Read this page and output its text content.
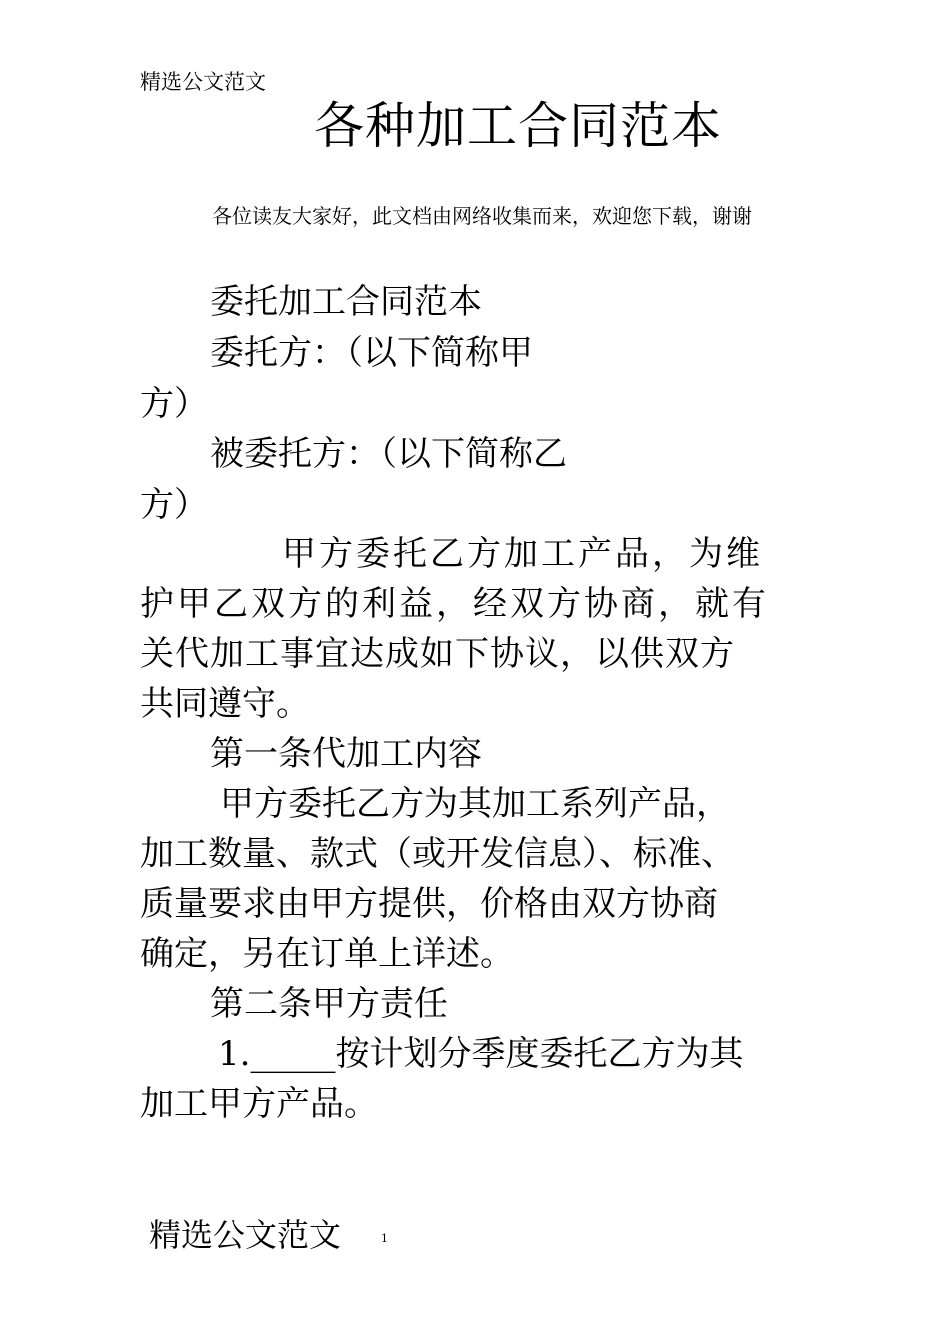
精选公文范文
各种加工合同范本
各位读友大家好，此文档由网络收集而来，欢迎您下载，谢谢
委托加工合同范本
委托方：（以下简称甲
方）
被委托方：（以下简称乙
方）
甲方委托乙方加工产品，为维
护甲乙双方的利益，经双方协商，就有
关代加工事宜达成如下协议，以供双方
共同遵守。
第一条代加工内容
甲方委托乙方为其加工系列产品，
加工数量、款式（或开发信息）、标准、
质量要求由甲方提供，价格由双方协商
确定，另在订单上详述。
第二条甲方责任
1._____按计划分季度委托乙方为其
加工甲方产品。
精选公文范文	1
